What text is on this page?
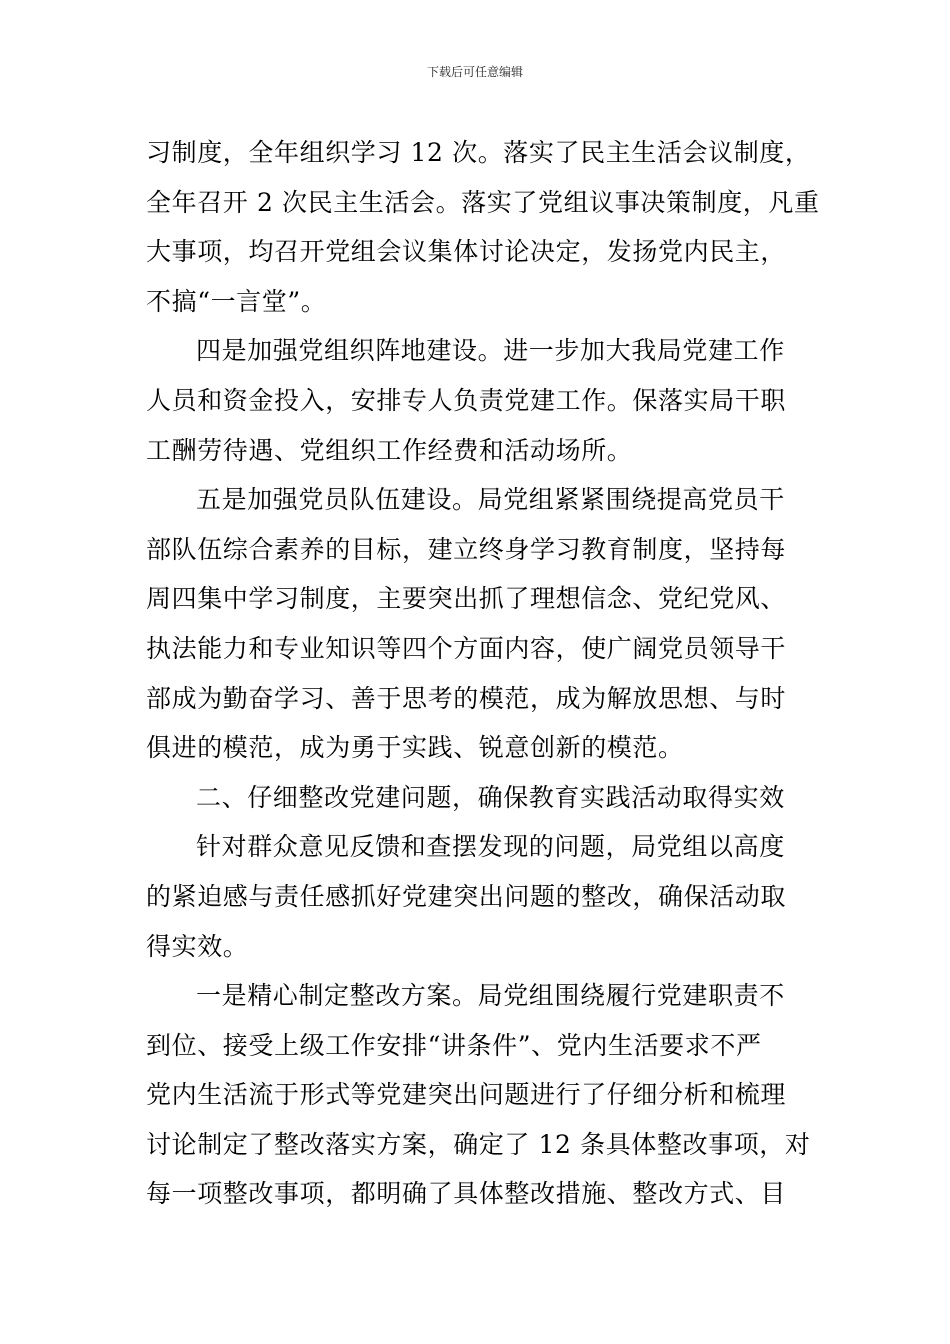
下载后可任意编辑
习制度，全年组织学习 12 次。落实了民主生活会议制度，
全年召开 2 次民主生活会。落实了党组议事决策制度，凡重
大事项，均召开党组会议集体讨论决定，发扬党内民主，
不搞“一言堂”。
四是加强党组织阵地建设。进一步加大我局党建工作
人员和资金投入，安排专人负责党建工作。保落实局干职
工酬劳待遇、党组织工作经费和活动场所。
五是加强党员队伍建设。局党组紧紧围绕提高党员干
部队伍综合素养的目标，建立终身学习教育制度，坚持每
周四集中学习制度，主要突出抓了理想信念、党纪党风、
执法能力和专业知识等四个方面内容，使广阔党员领导干
部成为勤奋学习、善于思考的模范，成为解放思想、与时
俱进的模范，成为勇于实践、锐意创新的模范。
二、仔细整改党建问题，确保教育实践活动取得实效
针对群众意见反馈和查摆发现的问题，局党组以高度
的紧迫感与责任感抓好党建突出问题的整改，确保活动取
得实效。
一是精心制定整改方案。局党组围绕履行党建职责不
到位、接受上级工作安排“讲条件”、党内生活要求不严
党内生活流于形式等党建突出问题进行了仔细分析和梳理
讨论制定了整改落实方案，确定了 12 条具体整改事项，对
每一项整改事项，都明确了具体整改措施、整改方式、目
